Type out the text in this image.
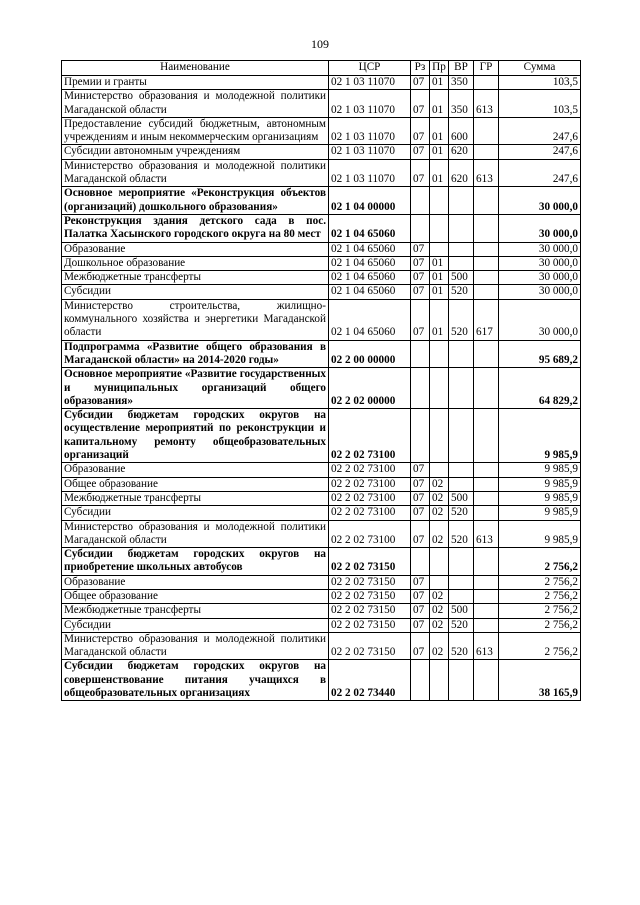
109
Наименование	ЦСР	Рз	Пр	ВР	ГР	Сумма
Премии и гранты	02 1 03 11070	07	01	350		103,5
Министерство образования и молодежной политики Магаданской области	02 1 03 11070	07	01	350	613	103,5
Предоставление субсидий бюджетным, автономным учреждениям и иным некоммерческим организациям	02 1 03 11070	07	01	600		247,6
Субсидии автономным учреждениям	02 1 03 11070	07	01	620		247,6
Министерство образования и молодежной политики Магаданской области	02 1 03 11070	07	01	620	613	247,6
Основное мероприятие «Реконструкция объектов (организаций) дошкольного образования»	02 1 04 00000					30 000,0
Реконструкция здания детского сада в пос. Палатка Хасынского городского округа на 80 мест	02 1 04 65060					30 000,0
Образование	02 1 04 65060	07				30 000,0
Дошкольное образование	02 1 04 65060	07	01			30 000,0
Межбюджетные трансферты	02 1 04 65060	07	01	500		30 000,0
Субсидии	02 1 04 65060	07	01	520		30 000,0
Министерство строительства, жилищно-коммунального хозяйства и энергетики Магаданской области	02 1 04 65060	07	01	520	617	30 000,0
Подпрограмма «Развитие общего образования в Магаданской области» на 2014-2020 годы»	02 2 00 00000					95 689,2
Основное мероприятие «Развитие государственных и муниципальных организаций общего образования»	02 2 02 00000					64 829,2
Субсидии бюджетам городских округов на осуществление мероприятий по реконструкции и капитальному ремонту общеобразовательных организаций	02 2 02 73100					9 985,9
Образование	02 2 02 73100	07				9 985,9
Общее образование	02 2 02 73100	07	02			9 985,9
Межбюджетные трансферты	02 2 02 73100	07	02	500		9 985,9
Субсидии	02 2 02 73100	07	02	520		9 985,9
Министерство образования и молодежной политики Магаданской области	02 2 02 73100	07	02	520	613	9 985,9
Субсидии бюджетам городских округов на приобретение школьных автобусов	02 2 02 73150					2 756,2
Образование	02 2 02 73150	07				2 756,2
Общее образование	02 2 02 73150	07	02			2 756,2
Межбюджетные трансферты	02 2 02 73150	07	02	500		2 756,2
Субсидии	02 2 02 73150	07	02	520		2 756,2
Министерство образования и молодежной политики Магаданской области	02 2 02 73150	07	02	520	613	2 756,2
Субсидии бюджетам городских округов на совершенствование питания учащихся в общеобразовательных организациях	02 2 02 73440					38 165,9
